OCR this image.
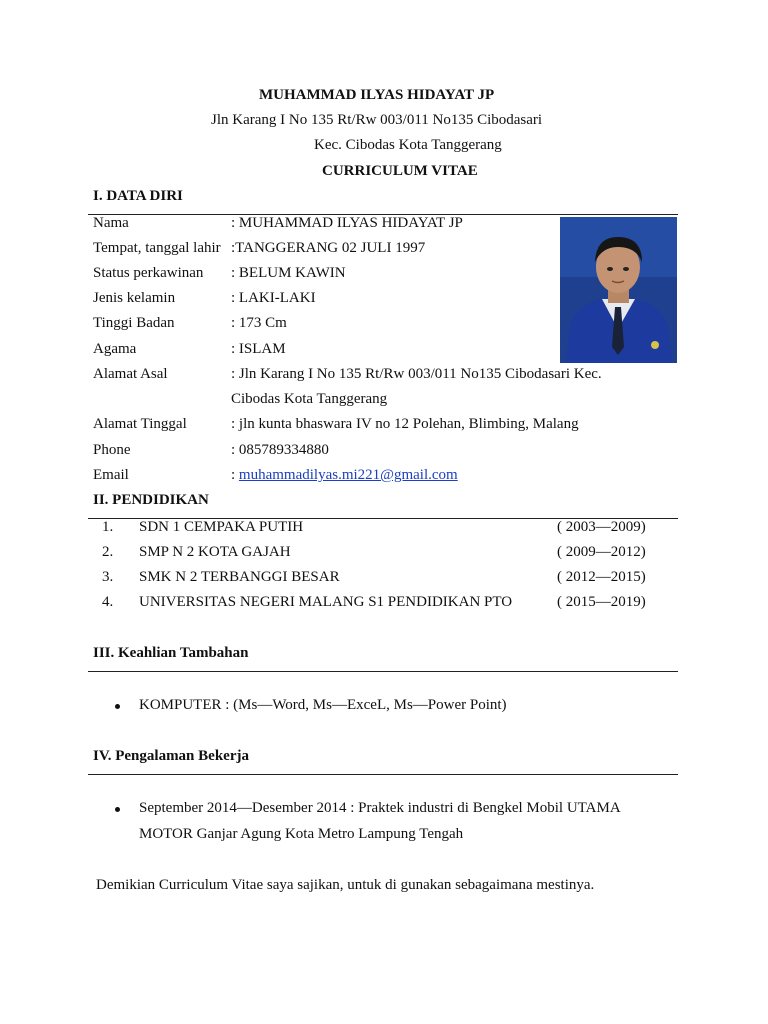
MUHAMMAD ILYAS HIDAYAT JP
Jln Karang I No 135 Rt/Rw 003/011 No135 Cibodasari
Kec. Cibodas Kota Tanggerang
CURRICULUM VITAE
I. DATA DIRI
Nama	: MUHAMMAD ILYAS HIDAYAT JP
Tempat, tanggal lahir :TANGGERANG 02 JULI 1997
Status perkawinan : BELUM KAWIN
Jenis kelamin	: LAKI-LAKI
Tinggi Badan	: 173 Cm
Agama	: ISLAM
Alamat Asal	: Jln Karang I No 135 Rt/Rw 003/011 No135 Cibodasari Kec.
Cibodas Kota Tanggerang
Alamat Tinggal	: jln kunta bhaswara IV no 12 Polehan, Blimbing, Malang
Phone	: 085789334880
Email	: muhammadilyas.mi221@gmail.com
II. PENDIDIKAN
1. SDN 1 CEMPAKA PUTIH	( 2003—2009)
2. SMP N 2 KOTA GAJAH	( 2009—2012)
3. SMK N 2 TERBANGGI BESAR	( 2012—2015)
4. UNIVERSITAS NEGERI MALANG S1 PENDIDIKAN PTO	( 2015—2019)
III. Keahlian Tambahan
KOMPUTER : (Ms—Word, Ms—ExceL, Ms—Power Point)
IV. Pengalaman Bekerja
September 2014—Desember 2014 : Praktek industri di Bengkel Mobil UTAMA
MOTOR Ganjar Agung Kota Metro Lampung Tengah
Demikian Curriculum Vitae saya sajikan, untuk di gunakan sebagaimana mestinya.
